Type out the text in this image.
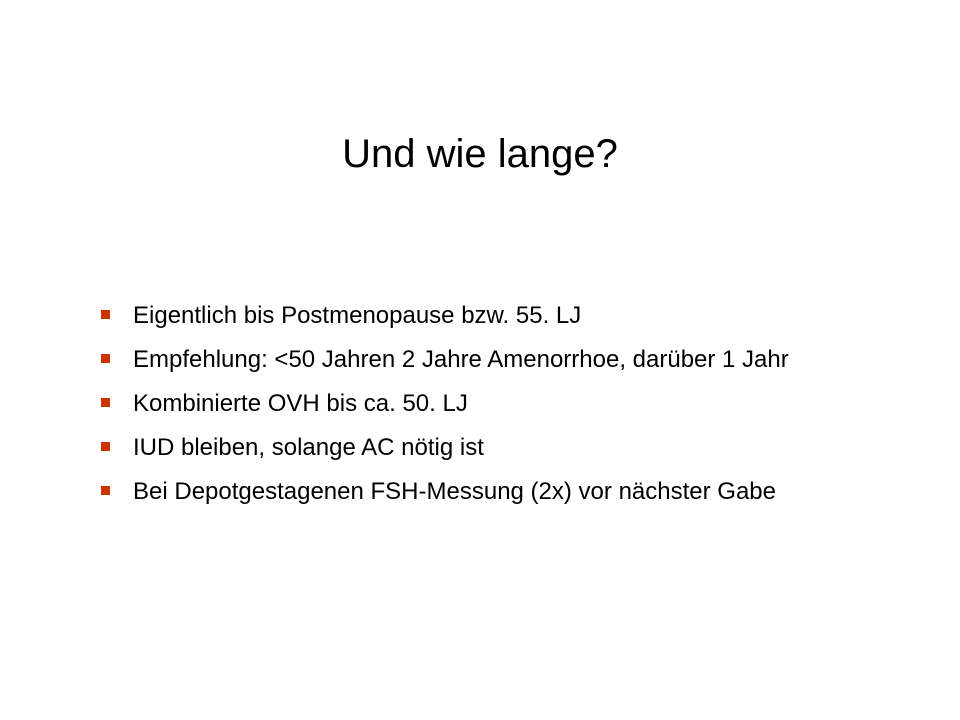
Und wie lange?
Eigentlich bis Postmenopause bzw. 55. LJ
Empfehlung: <50 Jahren 2 Jahre Amenorrhoe, darüber 1 Jahr
Kombinierte OVH bis ca. 50. LJ
IUD bleiben, solange AC nötig ist
Bei Depotgestagenen FSH-Messung (2x) vor nächster Gabe
